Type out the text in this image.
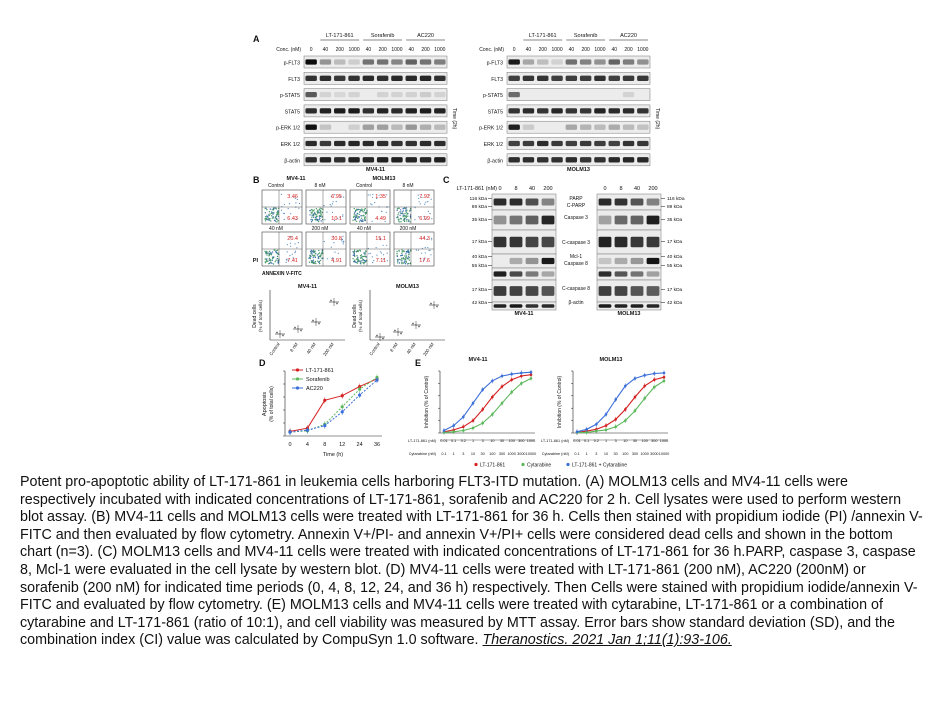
A	LT-171-861	Sorafenib	AC220
Conc. (nM) 0 40 200 1000 40 200 1000 40 200 1000
p-FLT3
FLT3
p-STAT5
STAT5
p-ERK 1/2
ERK 1/2
β-actin
Time (2h)
MV4-11
LT-171-861	Sorafenib	AC220
Conc. (nM) 0 40 200 1000 40 200 1000 40 200 1000
p-FLT3
FLT3
p-STAT5
STAT5
p-ERK 1/2
ERK 1/2
β-actin
Time (2h)
MOLM13
B	MV4-11	MOLM13
Control
3.46
6.43
8 nM
6.95
10.1
40 nM
20.4
7.41
200 nM
30.8
4.91
Control
1.35
4.49
8 nM
7.92
6.09
40 nM
15.1
7.11
200 nM
44.3
17.6
PI
ANNEXIN V-FITC
MV4-11
Dead cells (% of total cells)
Control 8 nM 40 nM 200 nM
MOLM13
Dead cells (% of total cells)
Control 8 nM 40 nM 200 nM
C
LT-171-861 (nM) 0 8 40 200	0 8 40 200
116 kDa
89 kDa
35 kDa
17 kDa
40 kDa
55 kDa
17 kDa
42 kDa
116 kDa
89 kDa
35 kDa
17 kDa
40 kDa
55 kDa
17 kDa
42 kDa
PARP
C-PARP
Caspase 3
C-caspase 3
Mcl-1
Caspase 8
C-caspase 8
β-actin
MV4-11	MOLM13
D
Apoptosis (% of total cells)
Time (h)
0	4	8 12 24 36
LT-171-861
Sorafenib
AC220
E	MV4-11
Inhibition (% of Control)
LT-171-861 (nM)
Cytarabine (nM)
0.01 0.1 0.2 1 3 10 30 100 300 1000
0.1 1 3 10 30 100 300 1000 3000 10000
MOLM13
Inhibition (% of Control)
LT-171-861 (nM)
Cytarabine (nM)
0.01 0.1 0.2 1 3 10 30 100 300 1000
0.1 1 3 10 30 100 300 1000 3000 10000
LT-171-861	Cytarabine	LT-171-861 + Cytarabine

Potent pro-apoptotic ability of LT-171-861 in leukemia cells harboring FLT3-ITD mutation. (A) MOLM13 cells and MV4-11 cells were respectively incubated with indicated concentrations of LT-171-861, sorafenib and AC220 for 2 h. Cell lysates were used to perform western blot assay. (B) MV4-11 cells and MOLM13 cells were treated with LT-171-861 for 36 h. Cells then stained with propidium iodide (PI) /annexin V-FITC and then evaluated by flow cytometry. Annexin V+/PI- and annexin V+/PI+ cells were considered dead cells and shown in the bottom chart (n=3). (C) MOLM13 cells and MV4-11 cells were treated with indicated concentrations of LT-171-861 for 36 h.PARP, caspase 3, caspase 8, Mcl-1 were evaluated in the cell lysate by western blot. (D) MV4-11 cells were treated with LT-171-861 (200 nM), AC220 (200nM) or sorafenib (200 nM) for indicated time periods (0, 4, 8, 12, 24, and 36 h) respectively. Then Cells were stained with propidium iodide/annexin V-FITC and evaluated by flow cytometry. (E) MOLM13 cells and MV4-11 cells were treated with cytarabine, LT-171-861 or a combination of cytarabine and LT-171-861 (ratio of 10:1), and cell viability was measured by MTT assay. Error bars show standard deviation (SD), and the combination index (CI) value was calculated by CompuSyn 1.0 software. Theranostics. 2021 Jan 1;11(1):93-106.
